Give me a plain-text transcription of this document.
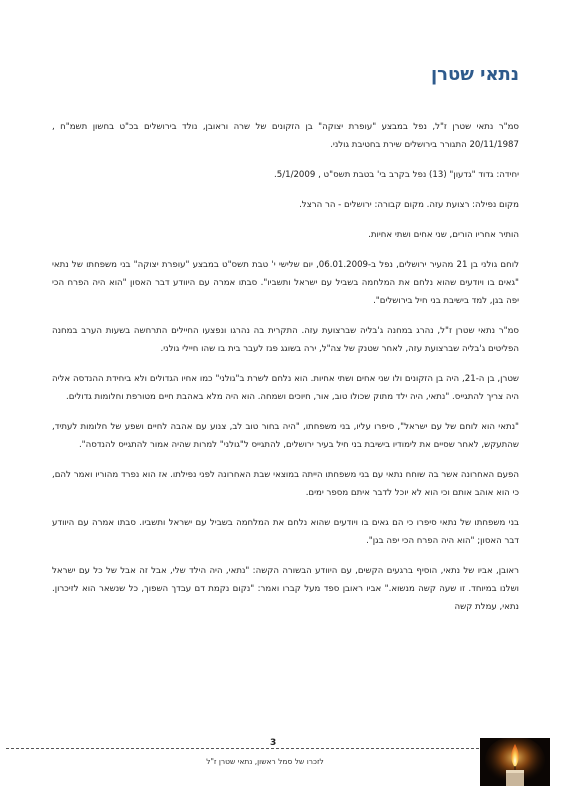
נתאי שטרן

סמ"ר נתאי שטרן ז"ל, נפל במבצע "עופרת יצוקה" בן הזקונים של שרה וראובן, נולד בירושלים בכ"ט בחשון תשמ"ח , 20/11/1987 התגורר בירושלים שירת בחטיבת גולני.

יחידה: גדוד "גדעון" (13) נפל בקרב בי' בטבת תשס"ט , 5/1/2009.

מקום נפילה: רצועת עזה. מקום קבורה: ירושלים - הר הרצל.

הותיר אחריו הורים, שני אחים ושתי אחיות.

לוחם גולני בן 21 מהעיר ירושלים, נפל ב-06.01.2009, יום שלישי י' טבת תשס"ט במבצע "עופרת יצוקה" בני משפחתו של נתאי "גאים בו ויודעים שהוא נלחם את המלחמה בשביל עם ישראל ותשביו". סבתו אמרה עם היוודע דבר האסון "הוא היה הפרח הכי יפה בגן, למד בישיבת בני חיל בירושלים".

סמ"ר נתאי שטרן ז"ל, נהרג במחנה ג'בליה שברצועת עזה. התקרית בה נהרגו ונפצעו החיילים התרחשה בשעות הערב במחנה הפליטים ג'בליה שברצועת עזה, לאחר שטנק של צה"ל, ירה בשוגג פגז לעבר בית בו שהו חיילי גולני.

שטרן, בן ה-21, היה בן הזקונים ולו שני אחים ושתי אחיות. הוא נלחם לשרת ב"גולני" כמו אחיו הגדולים ולא ביחידת ההנדסה אליה היה צריך להתגייס. "נתאי, היה ילד מתוק שכולו טוב, אור, חיוכים ושמחה. הוא היה מלא באהבת חיים מטורפת וחלומות גדולים.

"נתאי הוא לוחם של עם ישראל", סיפרו עליו, בני משפחתו, "היה בחור טוב לב, צנוע עם אהבה לחיים ושפע של חלומות לעתיד, שהתעקש, לאחר שסיים את לימודיו בישיבת בני חיל בעיר ירושלים, להתגייס ל"גולני" למרות שהיה אמור להתגייס להנדסה".

הפעם האחרונה אשר בה שוחח נתאי עם בני משפחתו הייתה במוצאי שבת האחרונה לפני נפילתו. אז הוא נפרד מהוריו ואמר להם, כי הוא אוהב אותם וכי הוא לא יוכל לדבר איתם מספר ימים.

בני משפחתו של נתאי סיפרו כי הם גאים בו ויודעים שהוא נלחם את המלחמה בשביל עם ישראל ותשביו. סבתו אמרה עם היוודע דבר האסון; "הוא היה הפרח הכי יפה בגן".

ראובן, אביו של נתאי, הוסיף ברגעים הקשים, עם היוודע הבשורה הקשה: "נתאי, היה הילד שלי, אבל זה אבל של כל עם ישראל ושלנו במיוחד. זו שעה קשה מנשוא." אביו ראובן ספד מעל קברו ואמר: "נקום נקמת דם עבדך השפוך, כל שנשאר הוא לזיכרון. נתאי, עמלת קשה

3
לזכרו של סמל ראשון, נתאי שטרן ז"ל
